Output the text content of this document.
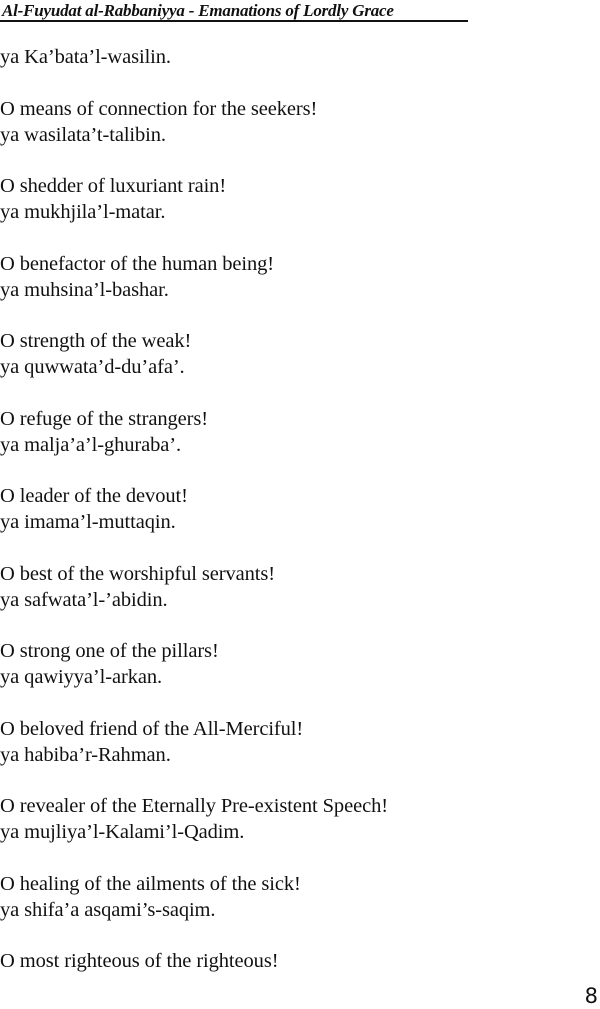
Al-Fuyudat al-Rabbaniyya - Emanations of Lordly Grace
ya Ka’bata’l-wasilin.
O means of connection for the seekers!
ya wasilata’t-talibin.
O shedder of luxuriant rain!
ya mukhjila’l-matar.
O benefactor of the human being!
ya muhsina’l-bashar.
O strength of the weak!
ya quwwata’d-du’afa’.
O refuge of the strangers!
ya malja’a’l-ghuraba’.
O leader of the devout!
ya imama’l-muttaqin.
O best of the worshipful servants!
ya safwata’l-’abidin.
O strong one of the pillars!
ya qawiyya’l-arkan.
O beloved friend of the All-Merciful!
ya habiba’r-Rahman.
O revealer of the Eternally Pre-existent Speech!
ya mujliya’l-Kalami’l-Qadim.
O healing of the ailments of the sick!
ya shifa’a asqami’s-saqim.
O most righteous of the righteous!
8
